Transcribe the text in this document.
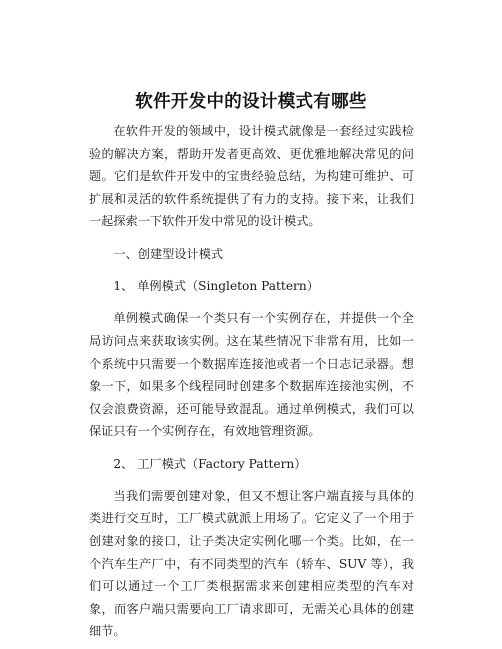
软件开发中的设计模式有哪些

在软件开发的领域中，设计模式就像是一套经过实践检验的解决方案，帮助开发者更高效、更优雅地解决常见的问题。它们是软件开发中的宝贵经验总结，为构建可维护、可扩展和灵活的软件系统提供了有力的支持。接下来，让我们一起探索一下软件开发中常见的设计模式。

一、创建型设计模式

1、 单例模式（Singleton Pattern）

单例模式确保一个类只有一个实例存在，并提供一个全局访问点来获取该实例。这在某些情况下非常有用，比如一个系统中只需要一个数据库连接池或者一个日志记录器。想象一下，如果多个线程同时创建多个数据库连接池实例，不仅会浪费资源，还可能导致混乱。通过单例模式，我们可以保证只有一个实例存在，有效地管理资源。

2、 工厂模式（Factory Pattern）

当我们需要创建对象，但又不想让客户端直接与具体的类进行交互时，工厂模式就派上用场了。它定义了一个用于创建对象的接口，让子类决定实例化哪一个类。比如，在一个汽车生产厂中，有不同类型的汽车（轿车、SUV 等），我们可以通过一个工厂类根据需求来创建相应类型的汽车对象，而客户端只需要向工厂请求即可，无需关心具体的创建细节。
